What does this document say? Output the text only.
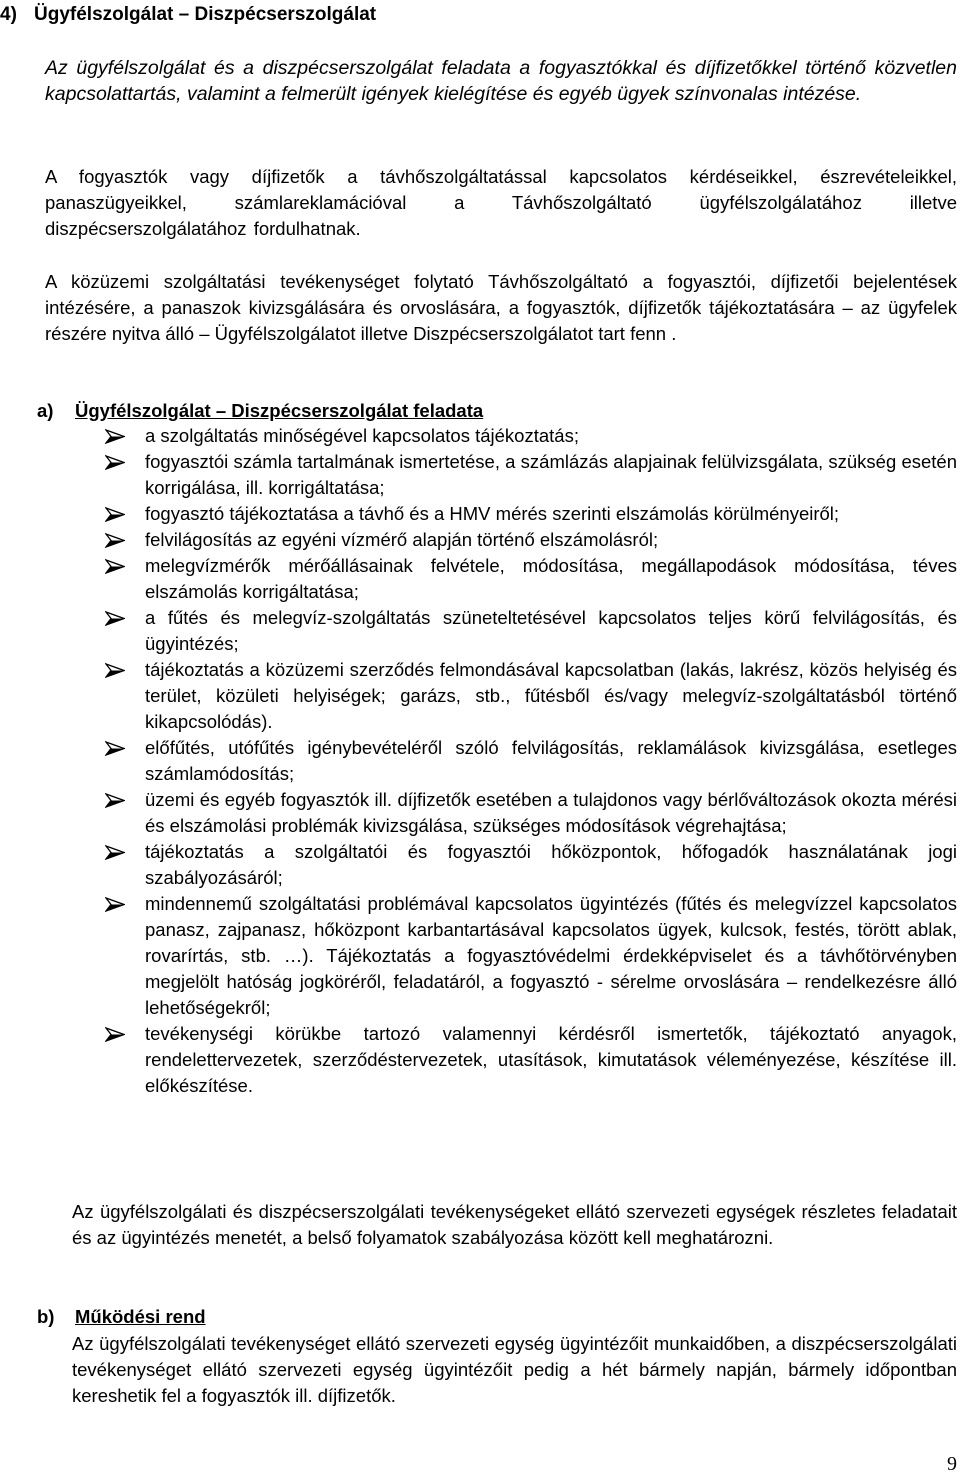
4) Ügyfélszolgálat – Diszpécserszolgálat
Az ügyfélszolgálat és a diszpécserszolgálat feladata a fogyasztókkal és díjfizetőkkel történő közvetlen kapcsolattartás, valamint a felmerült igények kielégítése és egyéb ügyek színvonalas intézése.
A fogyasztók vagy díjfizetők a távhőszolgáltatással kapcsolatos kérdéseikkel, észrevételeikkel, panaszügyeikkel, számlareklamációval a Távhőszolgáltató ügyfélszolgálatához illetve diszpécserszolgálatához fordulhatnak.
A közüzemi szolgáltatási tevékenységet folytató Távhőszolgáltató a fogyasztói, díjfizetői bejelentések intézésére, a panaszok kivizsgálására és orvoslására, a fogyasztók, díjfizetők tájékoztatására – az ügyfelek részére nyitva álló – Ügyfélszolgálatot illetve Diszpécserszolgálatot tart fenn .
a) Ügyfélszolgálat – Diszpécserszolgálat feladata
a szolgáltatás minőségével kapcsolatos tájékoztatás;
fogyasztói számla tartalmának ismertetése, a számlázás alapjainak felülvizsgálata, szükség esetén korrigálása, ill. korrigáltatása;
fogyasztó tájékoztatása a távhő és a HMV mérés szerinti elszámolás körülményeiről;
felvilágosítás az egyéni vízmérő alapján történő elszámolásról;
melegvízmérők mérőállásainak felvétele, módosítása, megállapodások módosítása, téves elszámolás korrigáltatása;
a fűtés és melegvíz-szolgáltatás szüneteltetésével kapcsolatos teljes körű felvilágosítás, és ügyintézés;
tájékoztatás a közüzemi szerződés felmondásával kapcsolatban (lakás, lakrész, közös helyiség és terület, közületi helyiségek; garázs, stb., fűtésből és/vagy melegvíz-szolgáltatásból történő kikapcsolódás).
előfűtés, utófűtés igénybevételéről szóló felvilágosítás, reklamálások kivizsgálása, esetleges számlamódosítás;
üzemi és egyéb fogyasztók ill. díjfizetők esetében a tulajdonos vagy bérlőváltozások okozta mérési és elszámolási problémák kivizsgálása, szükséges módosítások végrehajtása;
tájékoztatás a szolgáltatói és fogyasztói hőközpontok, hőfogadók használatának jogi szabályozásáról;
mindennemű szolgáltatási problémával kapcsolatos ügyintézés (fűtés és melegvízzel kapcsolatos panasz, zajpanasz, hőközpont karbantartásával kapcsolatos ügyek, kulcsok, festés, törött ablak, rovarírtás, stb. …). Tájékoztatás a fogyasztóvédelmi érdekképviselet és a távhőtörvényben megjelölt hatóság jogköréről, feladatáról, a fogyasztó - sérelme orvoslására – rendelkezésre álló lehetőségekről;
tevékenységi körükbe tartozó valamennyi kérdésről ismertetők, tájékoztató anyagok, rendelettervezetek, szerződéstervezetek, utasítások, kimutatások véleményezése, készítése ill. előkészítése.
Az ügyfélszolgálati és diszpécserszolgálati tevékenységeket ellátó szervezeti egységek részletes feladatait és az ügyintézés menetét, a belső folyamatok szabályozása között kell meghatározni.
b) Működési rend
Az ügyfélszolgálati tevékenységet ellátó szervezeti egység ügyintézőit munkaidőben, a diszpécserszolgálati tevékenységet ellátó szervezeti egység ügyintézőit pedig a hét bármely napján, bármely időpontban kereshetik fel a fogyasztók ill. díjfizetők.
9
